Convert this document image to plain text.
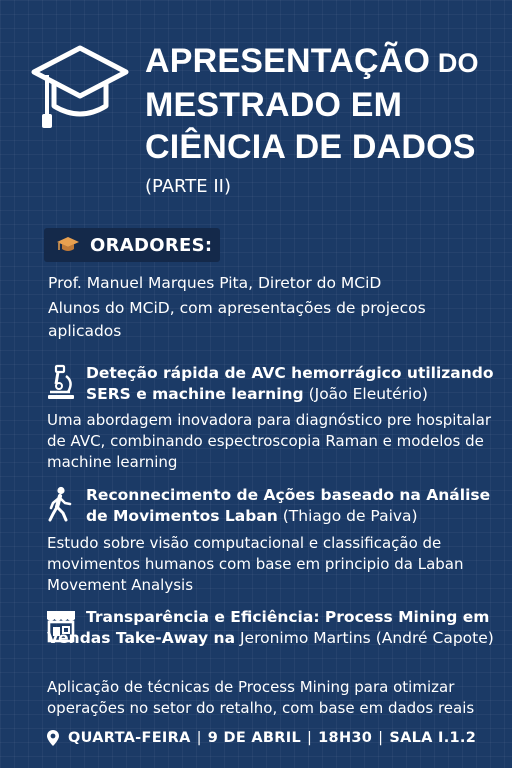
APRESENTAÇÃO DO
MESTRADO EM
CIÊNCIA DE DADOS
(PARTE II)
ORADORES:
Prof. Manuel Marques Pita, Diretor do MCiD
Alunos do MCiD, com apresentações de projecos aplicados
Deteção rápida de AVC hemorrágico utilizando SERS e machine learning (João Eleutério)
Uma abordagem inovadora para diagnóstico pre hospitalar de AVC, combinando espectroscopia Raman e modelos de machine learning
Reconnecimento de Ações baseado na Análise de Movimentos Laban (Thiago de Paiva)
Estudo sobre visão computacional e classificação de movimentos humanos com base em principio da Laban Movement Analysis
Transparência e Eficiência: Process Mining em Vendas Take-Away na Jeronimo Martins (André Capote)
Aplicação de técnicas de Process Mining para otimizar operações no setor do retalho, com base em dados reais
QUARTA-FEIRA | 9 DE ABRIL | 18H30 | SALA I.1.2
